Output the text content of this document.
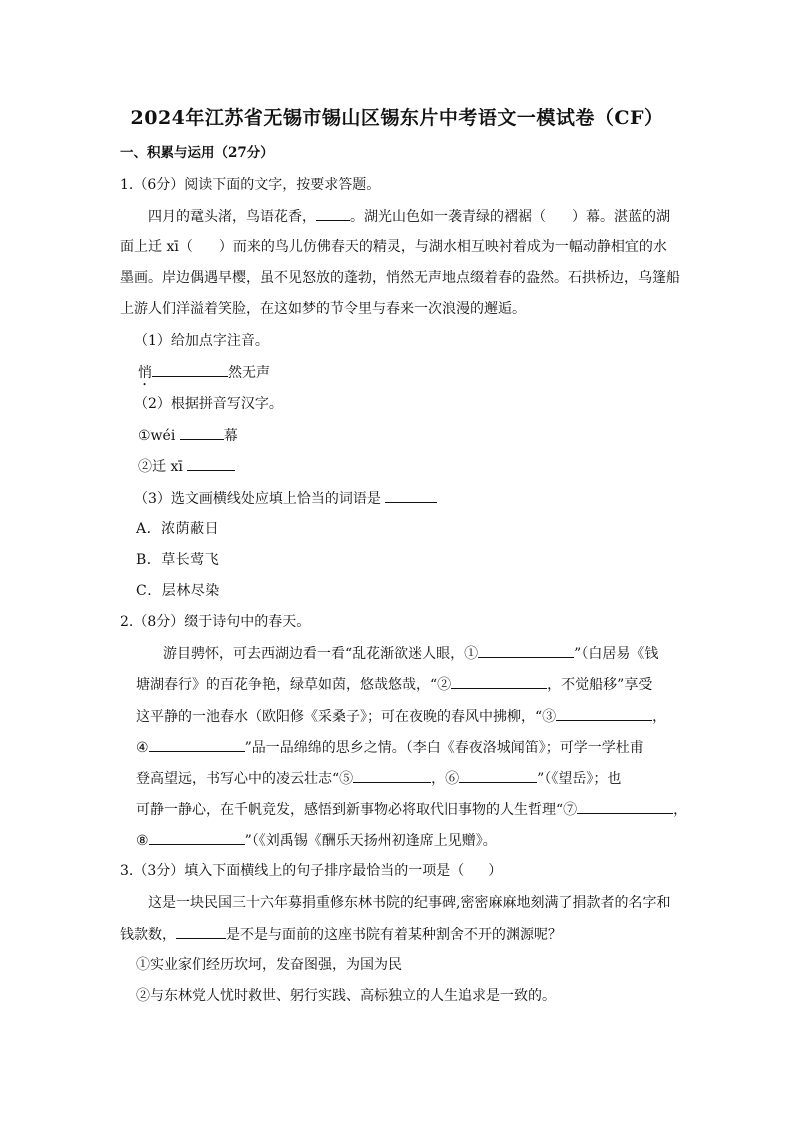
2024年江苏省无锡市锡山区锡东片中考语文一模试卷（CF）
一、积累与运用（27分）
1.（6分）阅读下面的文字，按要求答题。
四月的鼋头渚，鸟语花香， 。湖光山色如一袭青绿的褶裾（ ）幕。湛蓝的湖
面上迁 xī（ ）而来的鸟儿仿佛春天的精灵，与湖水相互映衬着成为一幅动静相宜的水
墨画。岸边偶遇早樱，虽不见怒放的蓬勃，悄然无声地点缀着春的盎然。石拱桥边，乌篷船
上游人们洋溢着笑脸，在这如梦的节令里与春来一次浪漫的邂逅。
（1）给加点字注音。
悄	然无声
（2）根据拼音写汉字。
①wéi	幕
②迁 xī
（3）选文画横线处应填上恰当的词语是
A．浓荫蔽日
B．草长莺飞
C．层林尽染
2.（8分）缀于诗句中的春天。
游目骋怀，可去西湖边看一看“乱花渐欲迷人眼，①	”（白居易《钱
塘湖春行》的百花争艳，绿草如茵，悠哉悠哉，“②	，不觉船移”享受
这平静的一池春水（欧阳修《采桑子》；可在夜晚的春风中拂柳，“③	，
④	”品一品绵绵的思乡之情。（李白《春夜洛城闻笛》；可学一学杜甫
登高望远，书写心中的凌云壮志“⑤	，⑥	”（《望岳》；也
可静一静心，在千帆竞发，感悟到新事物必将取代旧事物的人生哲理“⑦	，
⑧	”（《刘禹锡《酬乐天扬州初逢席上见赠》。
3.（3分）填入下面横线上的句子排序最恰当的一项是（ ）
这是一块民国三十六年募捐重修东林书院的纪事碑,密密麻麻地刻满了捐款者的名字和
钱款数，	是不是与面前的这座书院有着某种割舍不开的渊源呢？
①实业家们经历坎坷，发奋图强，为国为民
②与东林党人忧时救世、躬行实践、高标独立的人生追求是一致的。
